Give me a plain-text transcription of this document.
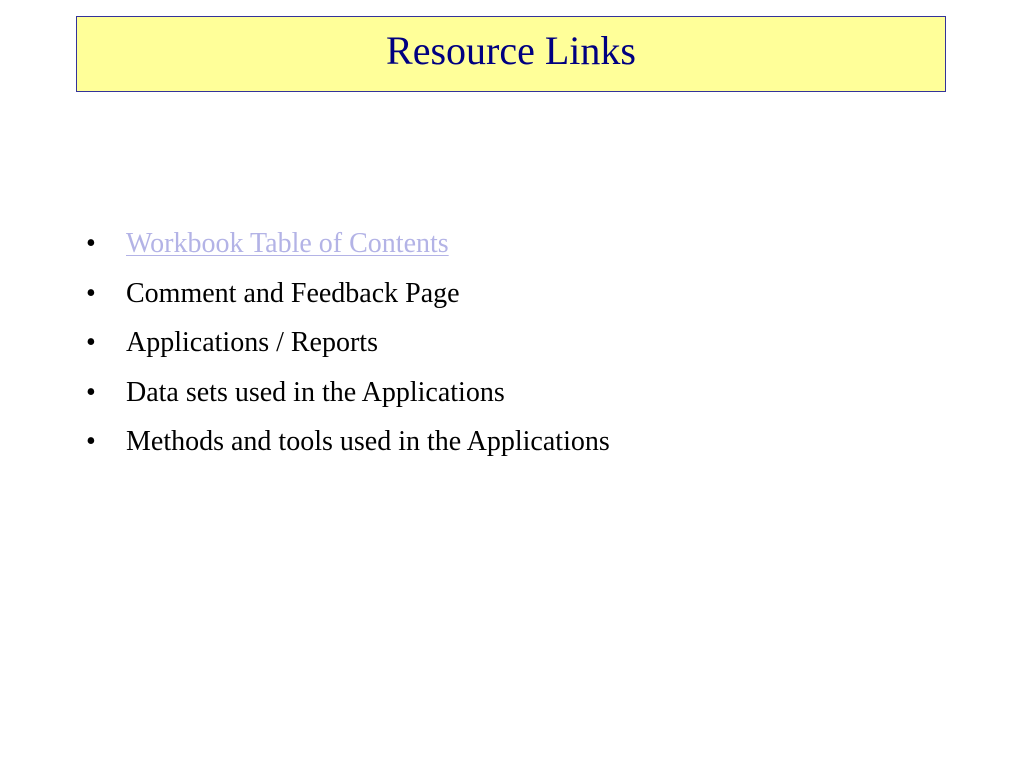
Resource Links
•	Workbook Table of Contents
•	Comment and Feedback Page
•	Applications / Reports
•	Data sets used in the Applications
•	Methods and tools used in the Applications
